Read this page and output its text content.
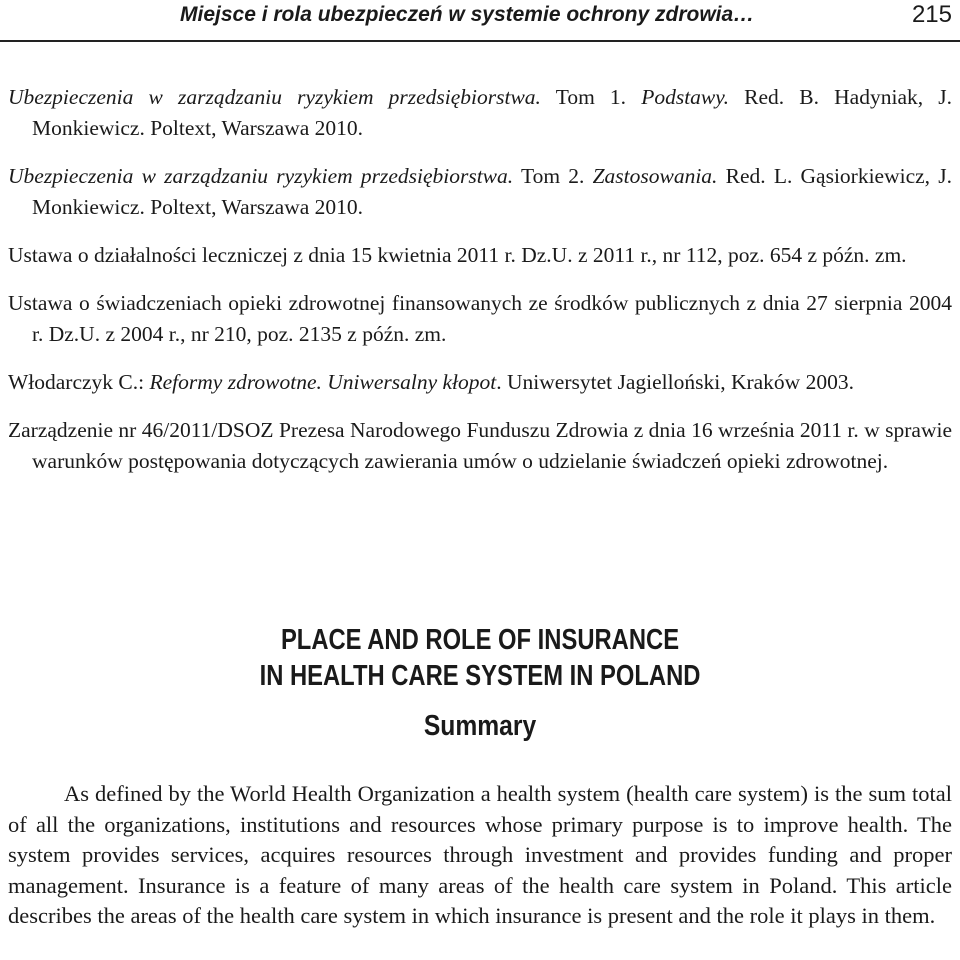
Miejsce i rola ubezpieczeń w systemie ochrony zdrowia…	215

Ubezpieczenia w zarządzaniu ryzykiem przedsiębiorstwa. Tom 1. Podstawy. Red. B. Hadyniak, J. Monkiewicz. Poltext, Warszawa 2010.

Ubezpieczenia w zarządzaniu ryzykiem przedsiębiorstwa. Tom 2. Zastosowania. Red. L. Gąsiorkiewicz, J. Monkiewicz. Poltext, Warszawa 2010.

Ustawa o działalności leczniczej z dnia 15 kwietnia 2011 r. Dz.U. z 2011 r., nr 112, poz. 654 z późn. zm.

Ustawa o świadczeniach opieki zdrowotnej finansowanych ze środków publicznych z dnia 27 sierpnia 2004 r. Dz.U. z 2004 r., nr 210, poz. 2135 z późn. zm.

Włodarczyk C.: Reformy zdrowotne. Uniwersalny kłopot. Uniwersytet Jagielloński, Kraków 2003.

Zarządzenie nr 46/2011/DSOZ Prezesa Narodowego Funduszu Zdrowia z dnia 16 września 2011 r. w sprawie warunków postępowania dotyczących zawierania umów o udzielanie świadczeń opieki zdrowotnej.

PLACE AND ROLE OF INSURANCE
IN HEALTH CARE SYSTEM IN POLAND
Summary

As defined by the World Health Organization a health system (health care system) is the sum total of all the organizations, institutions and resources whose primary purpose is to improve health. The system provides services, acquires resources through investment and provides funding and proper management. Insurance is a feature of many areas of the health care system in Poland. This article describes the areas of the health care system in which insurance is present and the role it plays in them.
